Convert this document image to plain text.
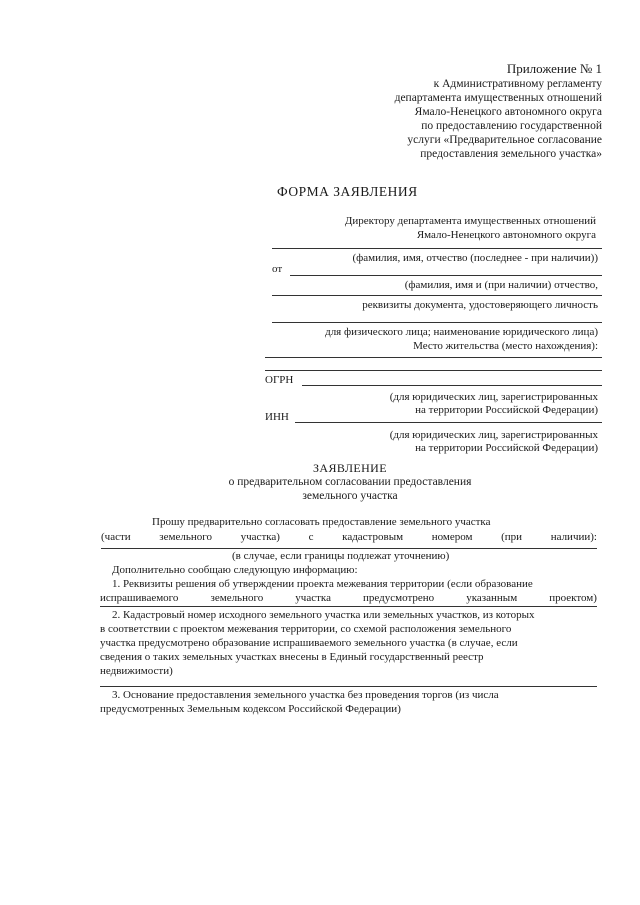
Приложение № 1
к Административному регламенту
департамента имущественных отношений
Ямало-Ненецкого автономного округа
по предоставлению государственной
услуги «Предварительное согласование
предоставления земельного участка»
ФОРМА ЗАЯВЛЕНИЯ
Директору департамента имущественных отношений
Ямало-Ненецкого автономного округа
(фамилия, имя, отчество (последнее - при наличии))
от
(фамилия, имя и (при наличии) отчество,
реквизиты документа, удостоверяющего личность
для физического лица; наименование юридического лица)
Место жительства (место нахождения):
ОГРН
(для юридических лиц, зарегистрированных
на территории Российской Федерации)
ИНН
(для юридических лиц, зарегистрированных
на территории Российской Федерации)
ЗАЯВЛЕНИЕ
о предварительном согласовании предоставления
земельного участка
Прошу предварительно согласовать предоставление земельного участка
(части	земельного	участка)	с	кадастровым	номером	(при	наличии):
(в случае, если границы подлежат уточнению)
Дополнительно сообщаю следующую информацию:
1. Реквизиты решения об утверждении проекта межевания территории (если образование
испрашиваемого	земельного	участка	предусмотрено	указанным	проектом)
2. Кадастровый номер исходного земельного участка или земельных участков, из которых
в соответствии с проектом межевания территории, со схемой расположения земельного
участка предусмотрено образование испрашиваемого земельного участка (в случае, если
сведения о таких земельных участках внесены в Единый государственный реестр
недвижимости)
3. Основание предоставления земельного участка без проведения торгов (из числа
предусмотренных Земельным кодексом Российской Федерации)
